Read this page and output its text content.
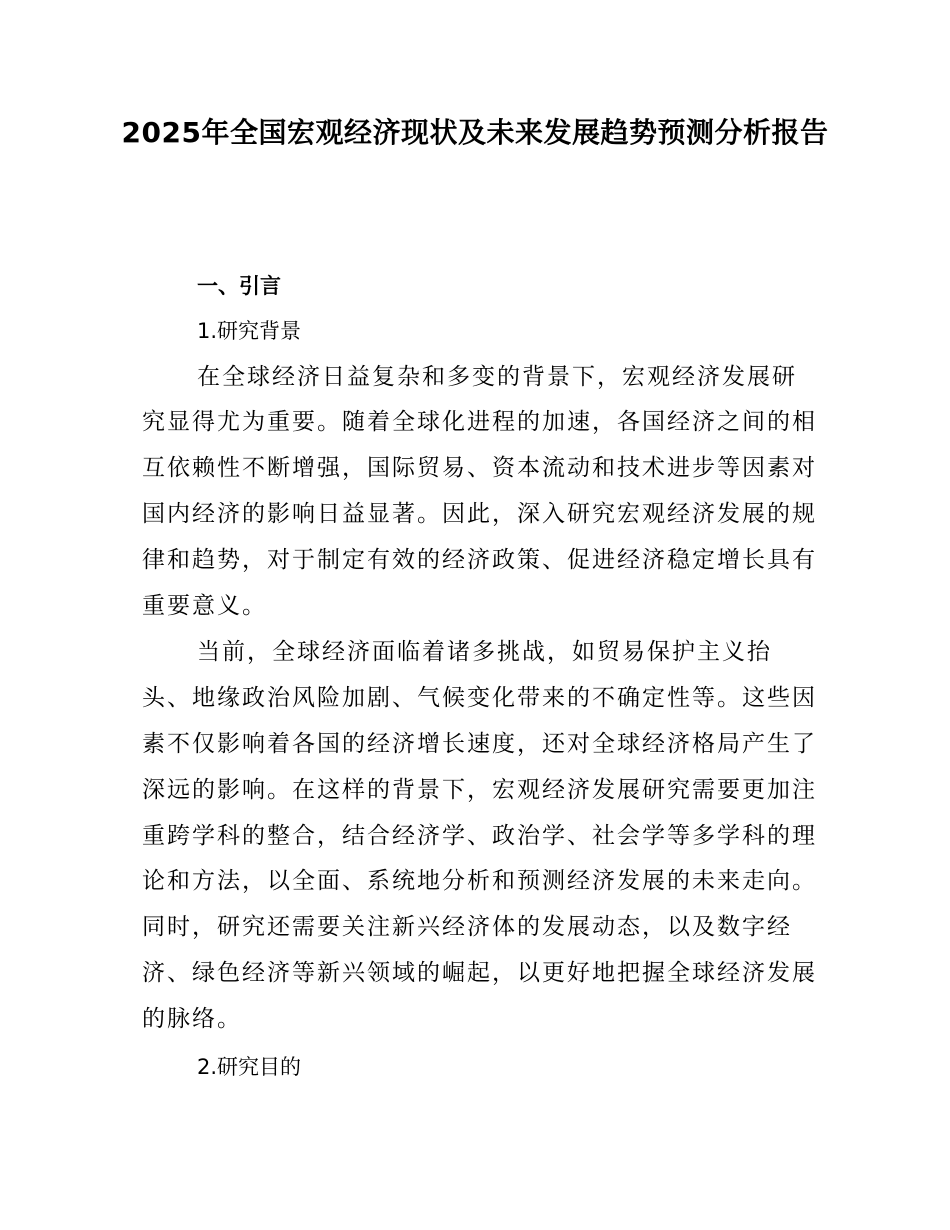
2025年全国宏观经济现状及未来发展趋势预测分析报告
一、引言
1.研究背景
在全球经济日益复杂和多变的背景下，宏观经济发展研
究显得尤为重要。随着全球化进程的加速，各国经济之间的相
互依赖性不断增强，国际贸易、资本流动和技术进步等因素对
国内经济的影响日益显著。因此，深入研究宏观经济发展的规
律和趋势，对于制定有效的经济政策、促进经济稳定增长具有
重要意义。
当前，全球经济面临着诸多挑战，如贸易保护主义抬
头、地缘政治风险加剧、气候变化带来的不确定性等。这些因
素不仅影响着各国的经济增长速度，还对全球经济格局产生了
深远的影响。在这样的背景下，宏观经济发展研究需要更加注
重跨学科的整合，结合经济学、政治学、社会学等多学科的理
论和方法，以全面、系统地分析和预测经济发展的未来走向。
同时，研究还需要关注新兴经济体的发展动态，以及数字经
济、绿色经济等新兴领域的崛起，以更好地把握全球经济发展
的脉络。
2.研究目的
